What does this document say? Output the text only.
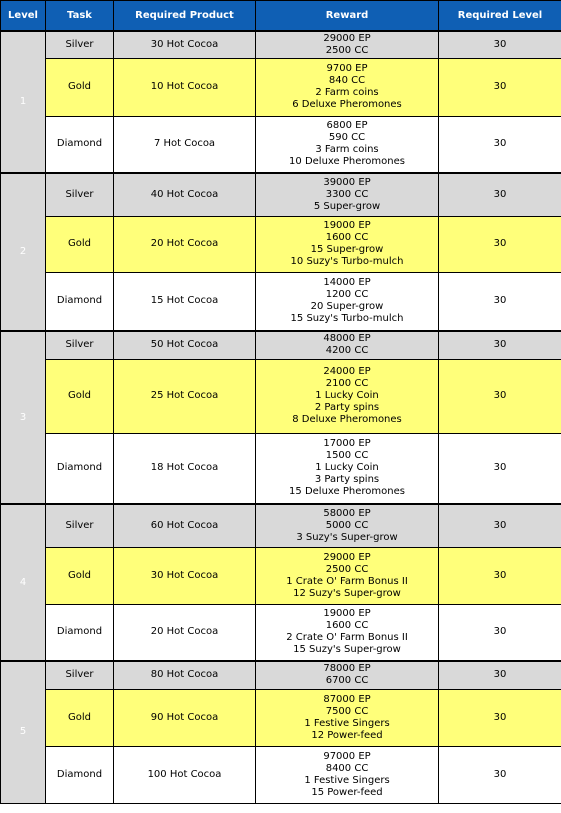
Level	Task	Required Product	Reward	Required Level
1	Silver	30 Hot Cocoa	29000 EP
2500 CC	30
	Gold	10 Hot Cocoa	9700 EP
840 CC
2 Farm coins
6 Deluxe Pheromones	30
	Diamond	7 Hot Cocoa	6800 EP
590 CC
3 Farm coins
10 Deluxe Pheromones	30
2	Silver	40 Hot Cocoa	39000 EP
3300 CC
5 Super-grow	30
	Gold	20 Hot Cocoa	19000 EP
1600 CC
15 Super-grow
10 Suzy's Turbo-mulch	30
	Diamond	15 Hot Cocoa	14000 EP
1200 CC
20 Super-grow
15 Suzy's Turbo-mulch	30
3	Silver	50 Hot Cocoa	48000 EP
4200 CC	30
	Gold	25 Hot Cocoa	24000 EP
2100 CC
1 Lucky Coin
2 Party spins
8 Deluxe Pheromones	30
	Diamond	18 Hot Cocoa	17000 EP
1500 CC
1 Lucky Coin
3 Party spins
15 Deluxe Pheromones	30
4	Silver	60 Hot Cocoa	58000 EP
5000 CC
3 Suzy's Super-grow	30
	Gold	30 Hot Cocoa	29000 EP
2500 CC
1 Crate O' Farm Bonus II
12 Suzy's Super-grow	30
	Diamond	20 Hot Cocoa	19000 EP
1600 CC
2 Crate O' Farm Bonus II
15 Suzy's Super-grow	30
5	Silver	80 Hot Cocoa	78000 EP
6700 CC	30
	Gold	90 Hot Cocoa	87000 EP
7500 CC
1 Festive Singers
12 Power-feed	30
	Diamond	100 Hot Cocoa	97000 EP
8400 CC
1 Festive Singers
15 Power-feed	30
